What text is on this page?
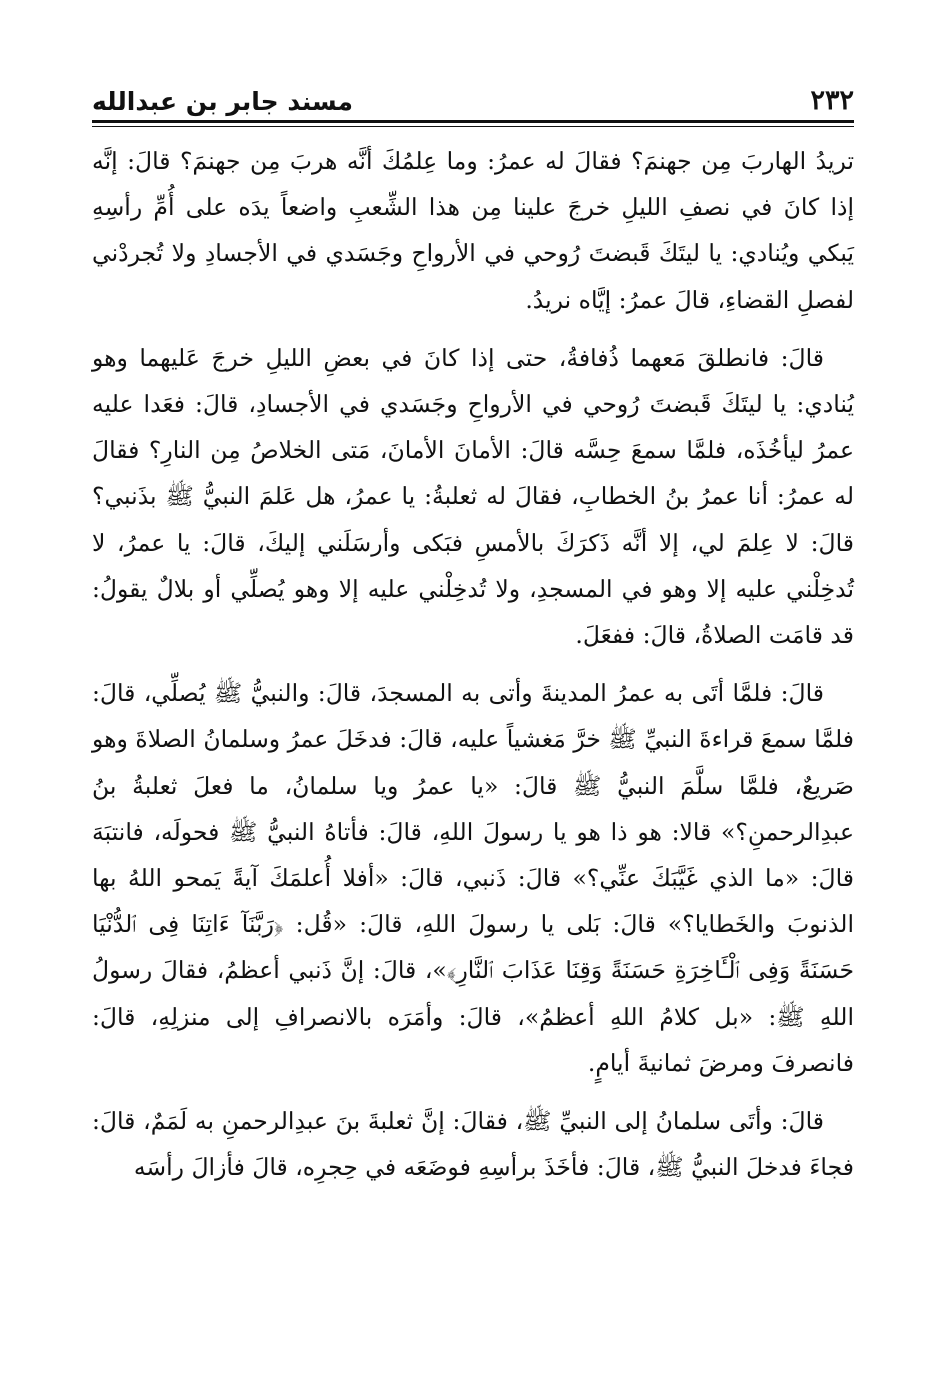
٢٣٢
مسند جابر بن عبدالله

تريدُ الهاربَ مِن جهنمَ؟ فقالَ له عمرُ: وما عِلمُكَ أنَّه هربَ مِن جهنمَ؟ قالَ: إنَّه إذا كانَ في نصفِ الليلِ خرجَ علينا مِن هذا الشِّعبِ واضعاً يدَه على أُمِّ رأسِهِ يَبكي ويُنادي: يا ليتَكَ قَبضتَ رُوحي في الأرواحِ وجَسَدي في الأجسادِ ولا تُجردْني لفصلِ القضاءِ، قالَ عمرُ: إيَّاه نريدُ.

قالَ: فانطلقَ مَعهما ذُفافةُ، حتى إذا كانَ في بعضِ الليلِ خرجَ عَليهما وهو يُنادي: يا ليتَكَ قَبضتَ رُوحي في الأرواحِ وجَسَدي في الأجسادِ، قالَ: فعَدا عليه عمرُ ليأخُذَه، فلمَّا سمعَ حِسَّه قالَ: الأمانَ الأمانَ، مَتى الخلاصُ مِن النارِ؟ فقالَ له عمرُ: أنا عمرُ بنُ الخطابِ، فقالَ له ثعلبةُ: يا عمرُ، هل عَلمَ النبيُّ ﷺ بذَنبي؟ قالَ: لا عِلمَ لي، إلا أنَّه ذَكرَكَ بالأمسِ فبَكى وأرسَلَني إليكَ، قالَ: يا عمرُ، لا تُدخِلْني عليه إلا وهو في المسجدِ، ولا تُدخِلْني عليه إلا وهو يُصلِّي أو بلالٌ يقولُ: قد قامَت الصلاةُ، قالَ: ففعَلَ.

قالَ: فلمَّا أتَى به عمرُ المدينةَ وأتى به المسجدَ، قالَ: والنبيُّ ﷺ يُصلِّي، قالَ: فلمَّا سمعَ قراءةَ النبيِّ ﷺ خرَّ مَغشياً عليه، قالَ: فدخَلَ عمرُ وسلمانُ الصلاةَ وهو صَريعٌ، فلمَّا سلَّمَ النبيُّ ﷺ قالَ: «يا عمرُ ويا سلمانُ، ما فعلَ ثعلبةُ بنُ عبدِالرحمنِ؟» قالا: هو ذا هو يا رسولَ اللهِ، قالَ: فأتاهُ النبيُّ ﷺ فحولَه، فانتبَهَ قالَ: «ما الذي غَيَّبَكَ عنِّي؟» قالَ: ذَنبي، قالَ: «أفلا أُعلمَكَ آيةً يَمحو اللهُ بها الذنوبَ والخَطايا؟» قالَ: بَلى يا رسولَ اللهِ، قالَ: «قُل: ﴿رَبَّنَآ ءَاتِنَا فِى ٱلدُّنْيَا حَسَنَةً وَفِى ٱلْـَٔاخِرَةِ حَسَنَةً وَقِنَا عَذَابَ ٱلنَّارِ﴾»، قالَ: إنَّ ذَنبي أعظمُ، فقالَ رسولُ اللهِ ﷺ: «بل كلامُ اللهِ أعظمُ»، قالَ: وأمَرَه بالانصرافِ إلى منزلِهِ، قالَ: فانصرفَ ومرضَ ثمانيةَ أيامٍ.

قالَ: وأتَى سلمانُ إلى النبيِّ ﷺ، فقالَ: إنَّ ثعلبةَ بنَ عبدِالرحمنِ به لَمَمٌ، قالَ: فجاءَ فدخلَ النبيُّ ﷺ، قالَ: فأخَذَ برأسِهِ فوضَعَه في حِجرِه، قالَ فأزالَ رأسَه
